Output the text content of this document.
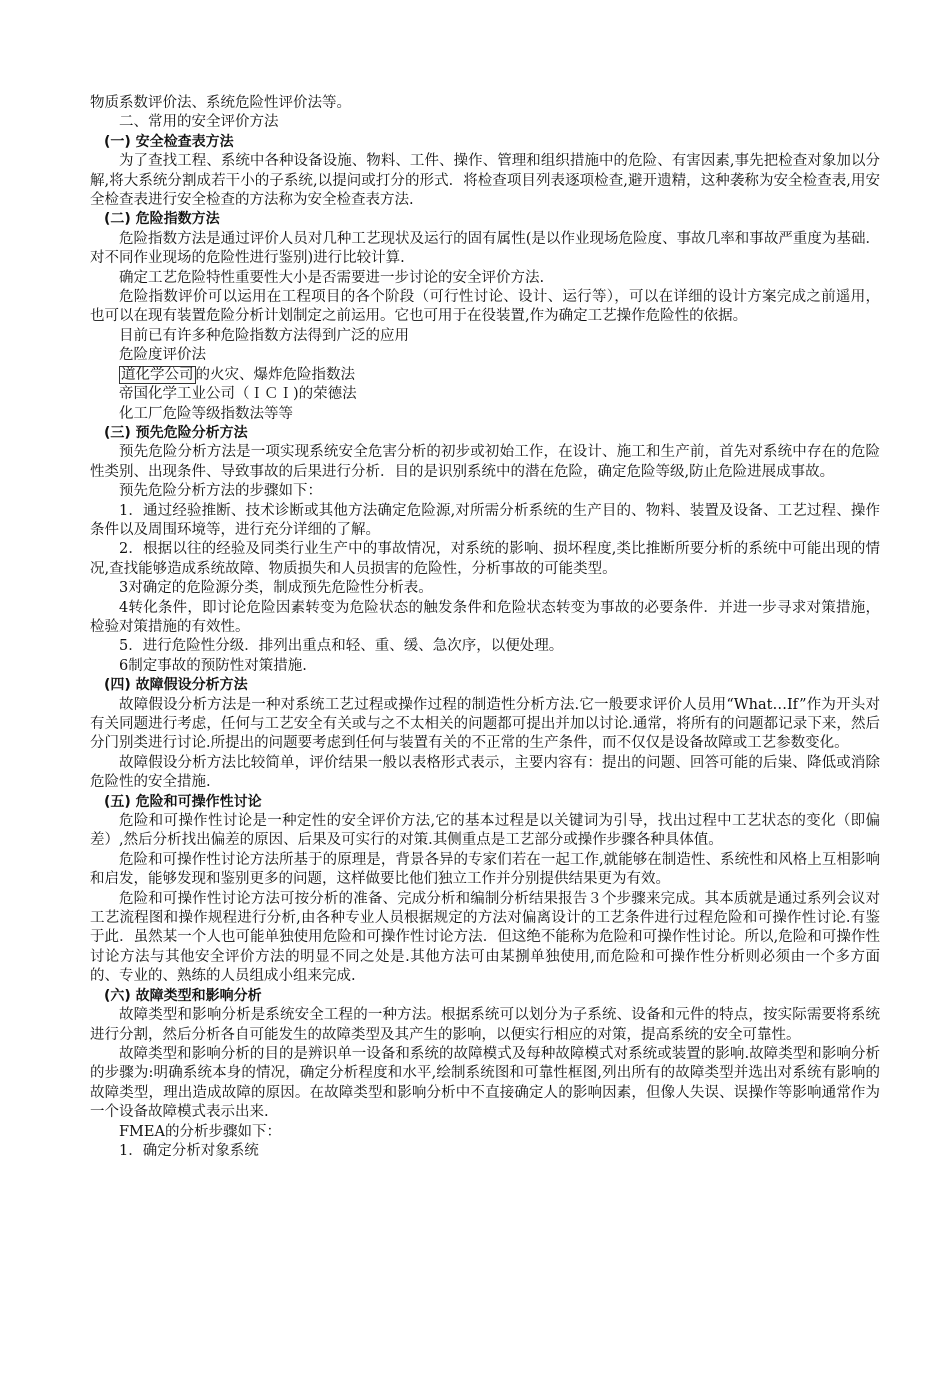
物质系数评价法、系统危险性评价法等。
二、常用的安全评价方法
(一) 安全检查表方法
为了查找工程、系统中各种设备设施、物料、工件、操作、管理和组织措施中的危险、有害因素,事先把检查对象加以分解,将大系统分割成若干小的子系统,以提问或打分的形式．将检查项目列表逐项检查,避开遗精，这种袭称为安全检查表,用安全检查表进行安全检查的方法称为安全检查表方法.
(二) 危险指数方法
危险指数方法是通过评价人员对几种工艺现状及运行的固有属性(是以作业现场危险度、事故几率和事故严重度为基础．对不同作业现场的危险性进行鉴别)进行比较计算.
确定工艺危险特性重要性大小是否需要进一步讨论的安全评价方法.
危险指数评价可以运用在工程项目的各个阶段（可行性讨论、设计、运行等），可以在详细的设计方案完成之前遥用，也可以在现有装置危险分析计划制定之前运用。它也可用于在役装置,作为确定工艺操作危险性的依据。
目前已有许多种危险指数方法得到广泛的应用
危险度评价法
道化学公司 的火灾、爆炸危险指数法
帝国化学工业公司（ＩＣＩ)的荣德法
化工厂危险等级指数法等等
(三) 预先危险分析方法
预先危险分析方法是一项实现系统安全危害分析的初步或初始工作，在设计、施工和生产前，首先对系统中存在的危险性类别、出现条件、导致事故的后果进行分析．目的是识别系统中的潜在危险，确定危险等级,防止危险进展成事故。
预先危险分析方法的步骤如下：
1．通过经验推断、技术诊断或其他方法确定危险源,对所需分析系统的生产目的、物料、装置及设备、工艺过程、操作条件以及周围环境等，进行充分详细的了解。
2．根据以往的经验及同类行业生产中的事故情况，对系统的影响、损坏程度,类比推断所要分析的系统中可能出现的情况,查找能够造成系统故障、物质损失和人员损害的危险性，分析事故的可能类型。
3对确定的危险源分类，制成预先危险性分析表。
4转化条件，即讨论危险因素转变为危险状态的触发条件和危险状态转变为事故的必要条件．并进一步寻求对策措施，检验对策措施的有效性。
5．进行危险性分级．排列出重点和轻、重、缓、急次序，以便处理。
6制定事故的预防性对策措施.
(四) 故障假设分析方法
故障假设分析方法是一种对系统工艺过程或操作过程的制造性分析方法.它一般要求评价人员用“What…If”作为开头对有关同题进行考虑，任何与工艺安全有关或与之不太相关的问题都可提出并加以讨论.通常，将所有的问题都记录下来，然后分门别类进行讨论.所提出的问题要考虑到任何与装置有关的不正常的生产条件，而不仅仅是设备故障或工艺参数变化。
故障假设分析方法比较简单，评价结果一般以表格形式表示，主要内容有：提出的问题、回答可能的后粜、降低或消除危险性的安全措施.
(五) 危险和可操作性讨论
危险和可操作性讨论是一种定性的安全评价方法,它的基本过程是以关键词为引导，找出过程中工艺状态的变化（即偏差）,然后分析找出偏差的原因、后果及可实行的对策.其侧重点是工艺部分或操作步骤各种具体值。
危险和可操作性讨论方法所基于的原理是，背景各异的专家们若在一起工作,就能够在制造性、系统性和风格上互相影响和启发，能够发现和鉴别更多的问题，这样做要比他们独立工作并分别提供结果更为有效。
危险和可操作性讨论方法可按分析的准备、完成分析和编制分析结果报告３个步骤来完成。其本质就是通过系列会议对工艺流程图和操作规程进行分析,由各种专业人员根据规定的方法对偏离设计的工艺条件进行过程危险和可操作性讨论.有鉴于此．虽然某一个人也可能单独使用危险和可操作性讨论方法．但这绝不能称为危险和可操作性讨论。所以,危险和可操作性讨论方法与其他安全评价方法的明显不同之处是.其他方法可由某捌单独使用,而危险和可操作性分析则必须由一个多方面的、专业的、熟练的人员组成小组来完成.
(六) 故障类型和影响分析
故障类型和影响分析是系统安全工程的一种方法。根据系统可以划分为子系统、设备和元件的特点，按实际需要将系统进行分割，然后分析各自可能发生的故障类型及其产生的影响，以便实行相应的对策，提高系统的安全可靠性。
故障类型和影响分析的目的是辨识单一设备和系统的故障模式及每种故障模式对系统或装置的影响.故障类型和影响分析的步骤为:明确系统本身的情况，确定分析程度和水平,绘制系统图和可靠性框图,列出所有的故障类型并选出对系统有影响的故障类型，理出造成故障的原因。在故障类型和影响分析中不直接确定人的影响因素，但像人失误、误操作等影响通常作为一个设备故障模式表示出来.
FMEA的分析步骤如下：
1．确定分析对象系统
